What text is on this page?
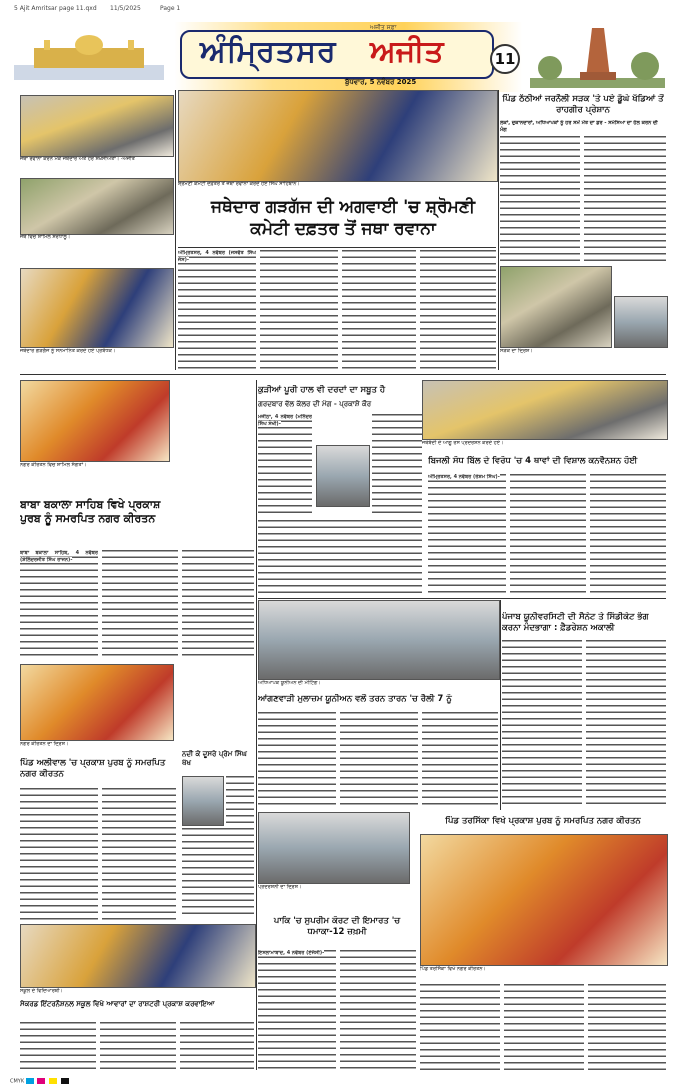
5 Ajit Amritsar page 11.qxd 11/5/2025	Page 1
ਅਜੀਤ ਸਫ਼ਾ
ਅੰਮ੍ਰਿਤਸਰ ਅਜੀਤ
ਬੁੱਧਵਾਰ, 5 ਨਵੰਬਰ 2025
11
ਜਥਾ ਰਵਾਨਾ ਕਰਨ ਮੌਕੇ ਜਥੇਦਾਰ ਅਤੇ ਹੋਰ ਸ਼ਖ਼ਸੀਅਤਾਂ। -ਅਜੀਤ
ਜਥੇ ਵਿਚ ਸ਼ਾਮਿਲ ਸ਼ਰਧਾਲੂ।
ਜਥੇਦਾਰ ਗੜਗੱਜ ਨੂੰ ਸਨਮਾਨਿਤ ਕਰਦੇ ਹੋਏ ਪ੍ਰਬੰਧਕ।
ਸ਼੍ਰੋਮਣੀ ਕਮੇਟੀ ਦਫ਼ਤਰ ਤੋਂ ਜਥਾ ਰਵਾਨਾ ਕਰਦੇ ਹੋਏ ਸਿੰਘ ਸਾਹਿਬਾਨ।
ਜਥੇਦਾਰ ਗੜਗੱਜ ਦੀ ਅਗਵਾਈ 'ਚ ਸ਼੍ਰੋਮਣੀ ਕਮੇਟੀ ਦਫ਼ਤਰ ਤੋਂ ਜਥਾ ਰਵਾਨਾ
ਅੰਮ੍ਰਿਤਸਰ, 4 ਨਵੰਬਰ (ਜਸਵੰਤ ਸਿੰਘ ਜੱਸ)-
ਪਿੰਡ ਠੱਠੀਆਂ ਜਰਨੈਲੀ ਸੜਕ 'ਤੇ ਪਏ ਡੂੰਘੇ ਖੱਡਿਆਂ ਤੋਂ ਰਾਹਗੀਰ ਪ੍ਰੇਸ਼ਾਨ
ਲੋਕਾਂ, ਦੁਕਾਨਦਾਰਾਂ, ਅਧਿਆਪਕਾਂ ਨੂੰ ਹਰ ਸਮੇਂ ਮੌਤ ਦਾ ਡਰ - ਸਮੱਸਿਆ ਦਾ ਹੱਲ ਕਰਨ ਦੀ ਮੰਗ
ਸੜਕ ਦਾ ਦ੍ਰਿਸ਼।
ਨਗਰ ਕੀਰਤਨ ਵਿਚ ਸ਼ਾਮਿਲ ਸੰਗਤਾਂ।
ਬਾਬਾ ਬਕਾਲਾ ਸਾਹਿਬ ਵਿਖੇ ਪ੍ਰਕਾਸ਼ ਪੁਰਬ ਨੂੰ ਸਮਰਪਿਤ ਨਗਰ ਕੀਰਤਨ
ਬਾਬਾ ਬਕਾਲਾ ਸਾਹਿਬ, 4 ਨਵੰਬਰ (ਸ਼ੇਲਿੰਦਰਜੀਤ ਸਿੰਘ ਰਾਜਨ)-
ਨਗਰ ਕੀਰਤਨ ਦਾ ਦ੍ਰਿਸ਼।
ਕੁੜੀਆਂ ਪੂਰੀ ਹਾਲ ਵੀ ਦਰਦਾਂ ਦਾ ਸਬੂਤ ਹੈ
ਗਰਦਬਾਰ ਵੱਲ ਕੱਲਰ ਦੀ ਮੰਗ - ਪ੍ਰਕਾਸ਼ੋ ਕੌਰ
ਮਜੀਠਾ, 4 ਨਵੰਬਰ (ਮਨਿੰਦਰ ਸਿੰਘ ਸੋਖੀ)-
ਜਥੇਬੰਦੀ ਦੇ ਆਗੂ ਰੋਸ ਪ੍ਰਦਰਸ਼ਨ ਕਰਦੇ ਹੋਏ।
ਬਿਜਲੀ ਸੋਧ ਬਿੱਲ ਦੇ ਵਿਰੋਧ 'ਚ 4 ਥਾਵਾਂ ਦੀ ਵਿਸ਼ਾਲ ਕਨਵੈਨਸ਼ਨ ਹੋਈ
ਅੰਮ੍ਰਿਤਸਰ, 4 ਨਵੰਬਰ (ਰੇਸ਼ਮ ਸਿੰਘ)-
ਅਧਿਆਪਕ ਯੂਨੀਅਨ ਦੀ ਮੀਟਿੰਗ।
ਆਂਗਣਵਾੜੀ ਮੁਲਾਜ਼ਮ ਯੂਨੀਅਨ ਵਲੋਂ ਤਰਨ ਤਾਰਨ 'ਚ ਰੈਲੀ 7 ਨੂੰ
ਪੰਜਾਬ ਯੂਨੀਵਰਸਿਟੀ ਦੀ ਸੈਨੇਟ ਤੇ ਸਿੰਡੀਕੇਟ ਭੰਗ ਕਰਨਾ ਮੰਦਭਾਗਾ : ਫ਼ੈਡਰੇਸ਼ਨ ਅਕਾਲੀ
ਪਿੰਡ ਅਲੀਵਾਲ 'ਚ ਪ੍ਰਕਾਸ਼ ਪੁਰਬ ਨੂੰ ਸਮਰਪਿਤ ਨਗਰ ਕੀਰਤਨ
ਨਦੀ ਕੇ ਦੂਸਰੇ ਪ੍ਰੇਮ ਸਿੰਘ ਖੱਖ
ਪ੍ਰਦਰਸ਼ਨੀ ਦਾ ਦ੍ਰਿਸ਼।
ਪਿੰਡ ਤਰਸਿੱਕਾ ਵਿਖੇ ਪ੍ਰਕਾਸ਼ ਪੁਰਬ ਨੂੰ ਸਮਰਪਿਤ ਨਗਰ ਕੀਰਤਨ
ਪਿੰਡ ਤਰਸਿੱਕਾ ਵਿਖੇ ਨਗਰ ਕੀਰਤਨ।
ਪਾਕਿ 'ਚ ਸੁਪਰੀਮ ਕੋਰਟ ਦੀ ਇਮਾਰਤ 'ਚ ਧਮਾਕਾ-12 ਜ਼ਖ਼ਮੀ
ਇਸਲਾਮਾਬਾਦ, 4 ਨਵੰਬਰ (ਏਜੰਸੀ)-
ਸਕੂਲ ਦੇ ਵਿਦਿਆਰਥੀ।
ਸੇਕਰਡ ਇੰਟਰਨੈਸ਼ਨਲ ਸਕੂਲ ਵਿਖੇ ਆਵਾਰਾਂ ਦਾ ਰਾਸ਼ਟਰੀ ਪ੍ਰਕਾਸ਼ ਕਰਵਾਇਆ
CMYK
